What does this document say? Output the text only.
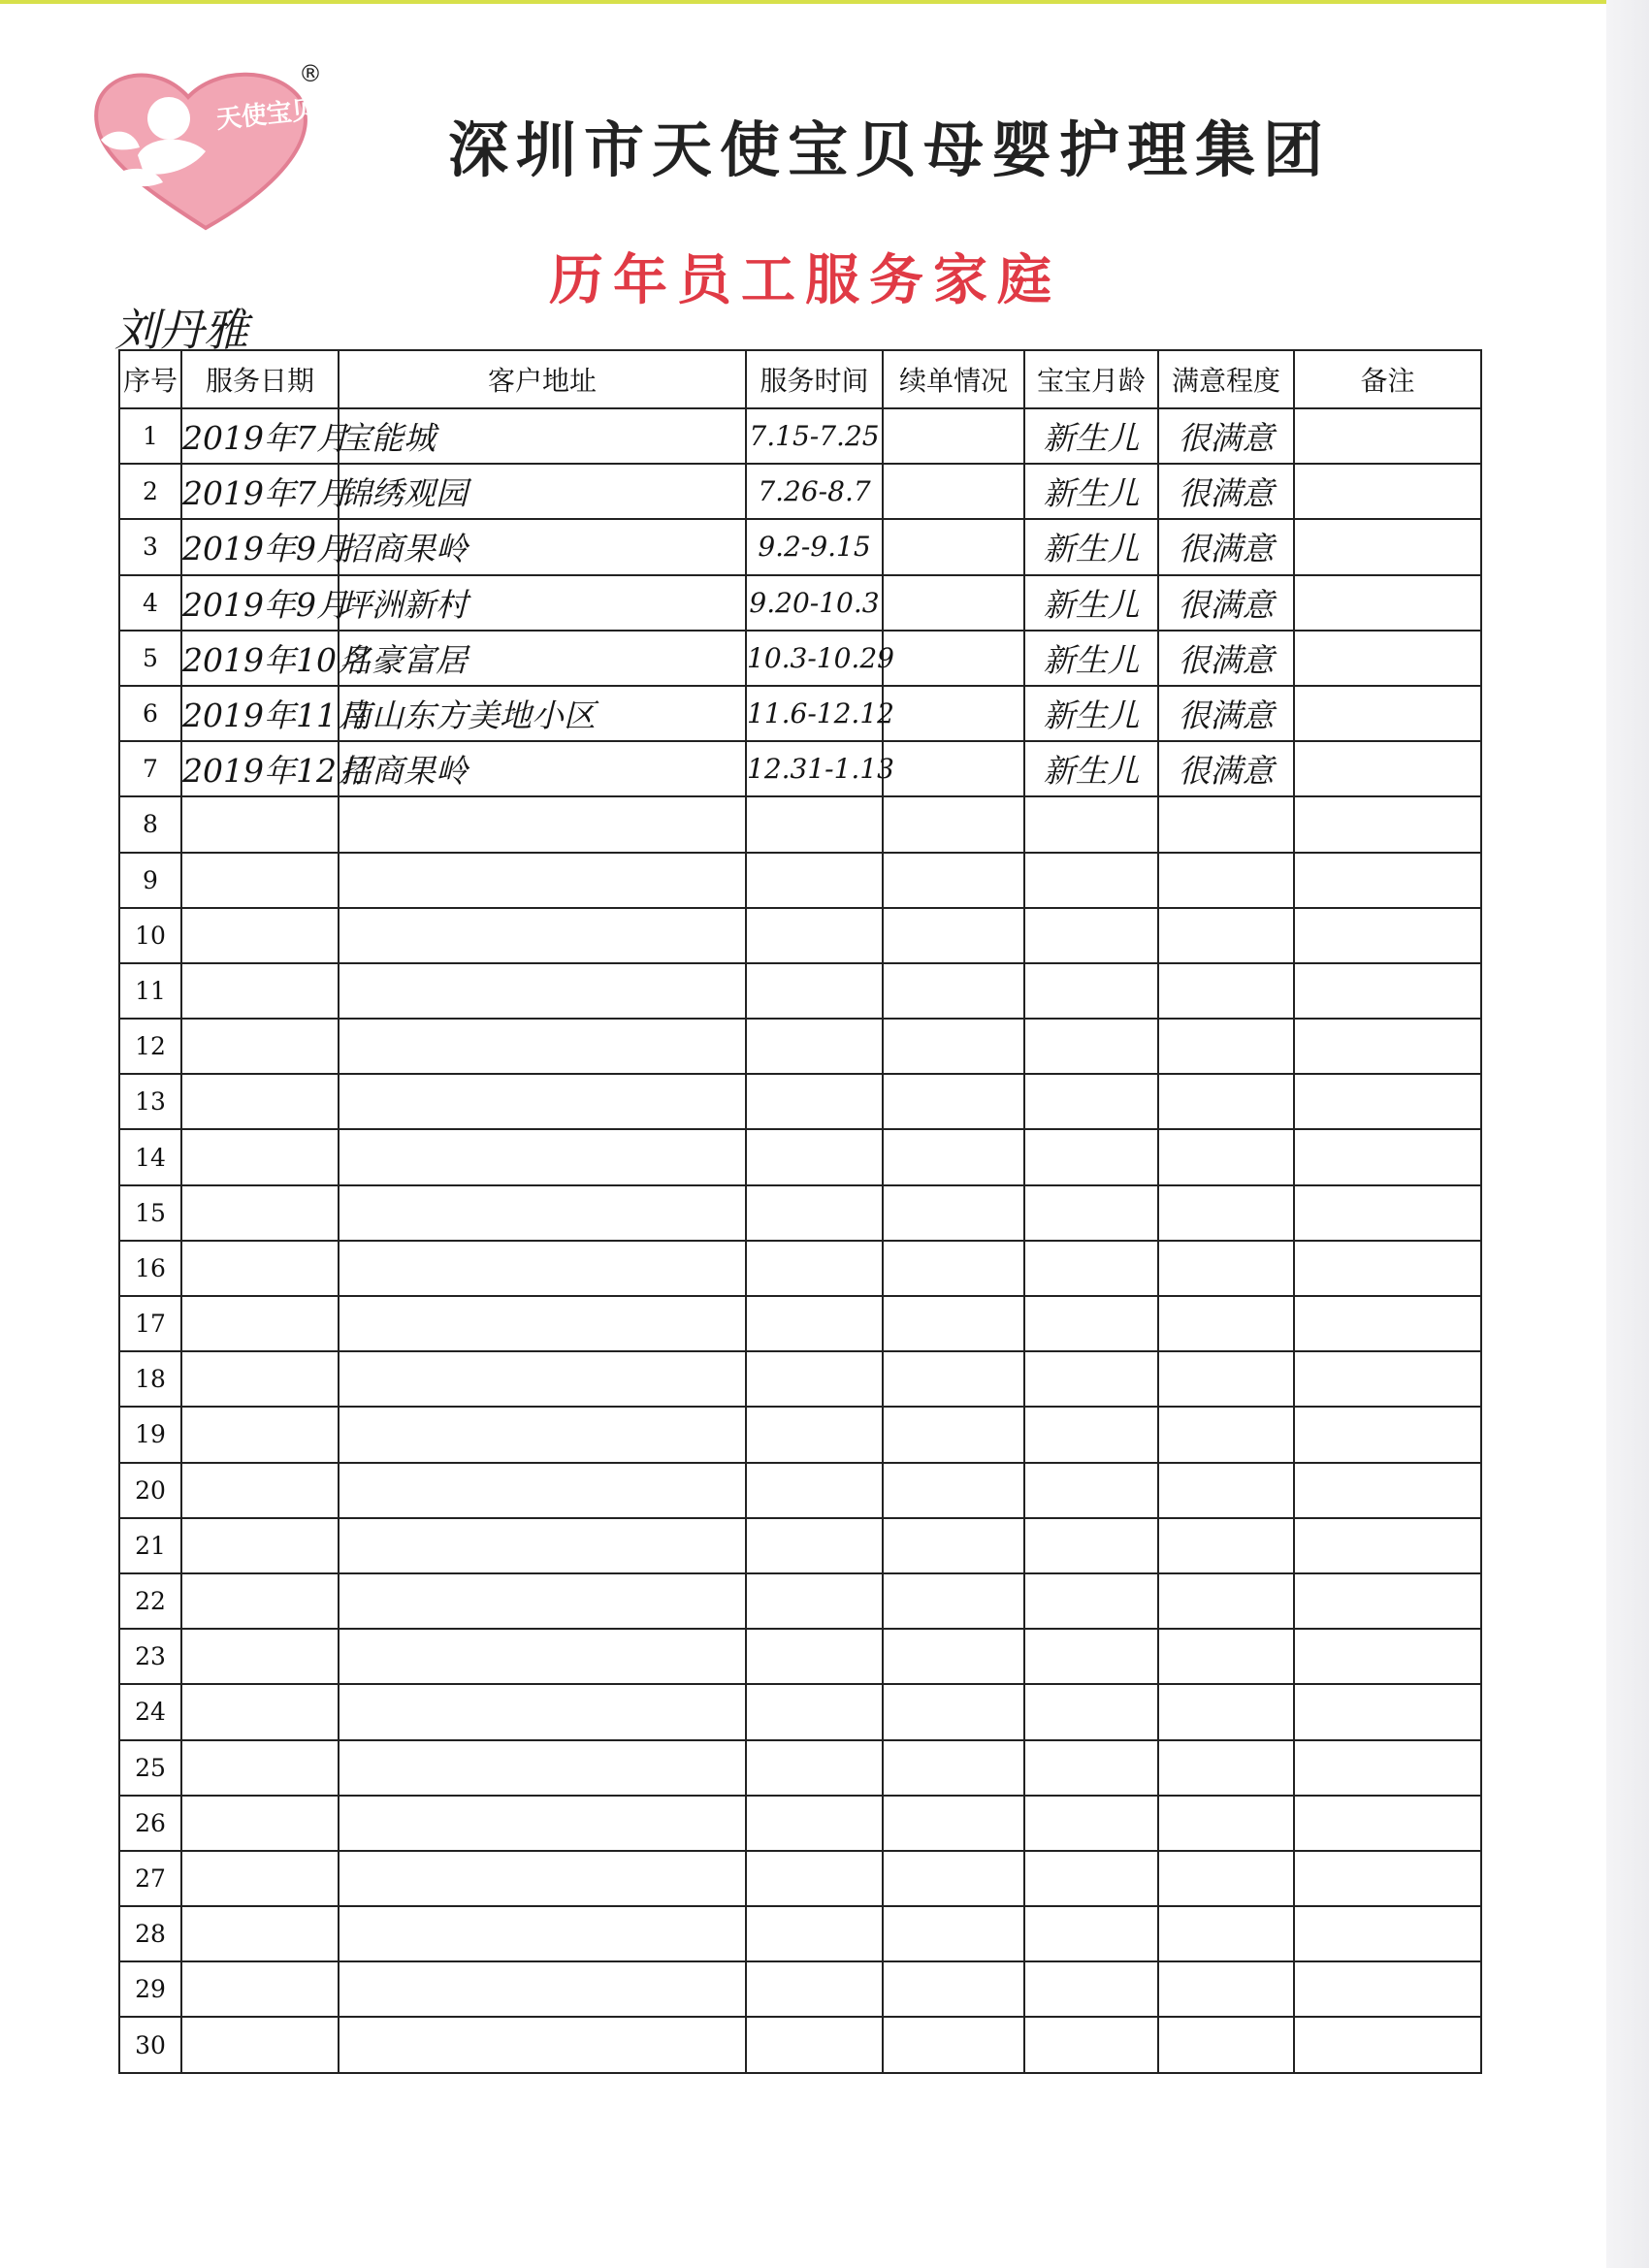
天使宝贝
®
深圳市天使宝贝母婴护理集团
历年员工服务家庭
刘丹雅
序号	服务日期	客户地址	服务时间	续单情况	宝宝月龄	满意程度	备注
1	2019年7月	宝能城	7.15-7.25		新生儿	很满意	
2	2019年7月	锦绣观园	7.26-8.7		新生儿	很满意	
3	2019年9月	招商果岭	9.2-9.15		新生儿	很满意	
4	2019年9月	坪洲新村	9.20-10.3		新生儿	很满意	
5	2019年10月	名豪富居	10.3-10.29		新生儿	很满意	
6	2019年11月	南山东方美地小区	11.6-12.12		新生儿	很满意	
7	2019年12月	招商果岭	12.31-1.13		新生儿	很满意	
8							
9							
10							
11							
12							
13							
14							
15							
16							
17							
18							
19							
20							
21							
22							
23							
24							
25							
26							
27							
28							
29							
30							
